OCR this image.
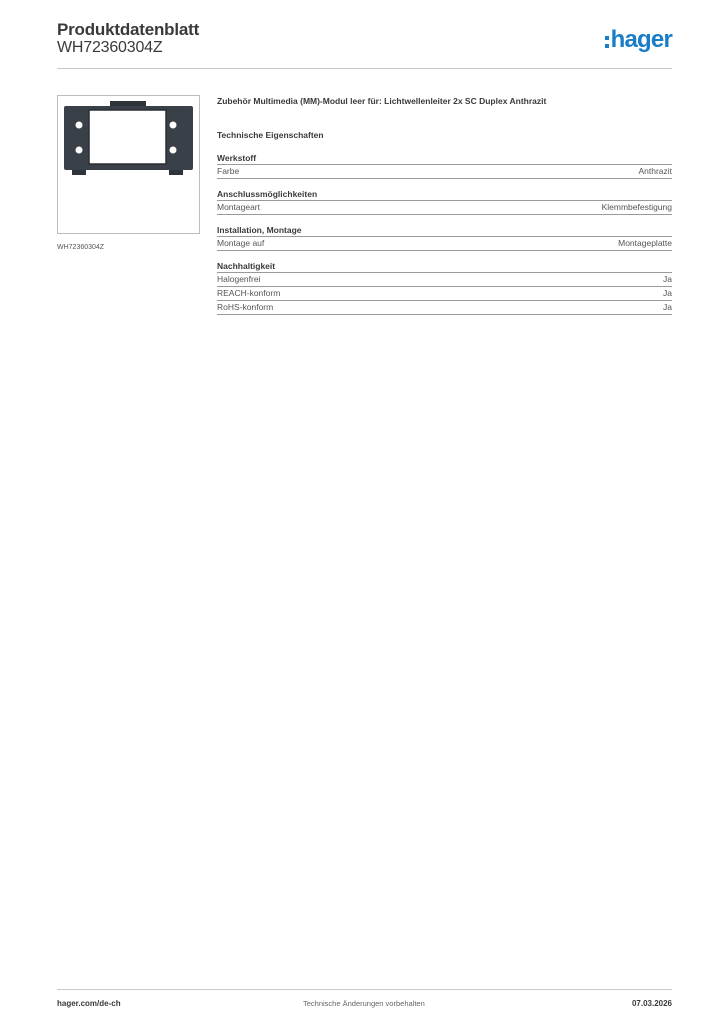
Produktdatenblatt
WH72360304Z	hager
WH72360304Z
Zubehör Multimedia (MM)-Modul leer für: Lichtwellenleiter 2x SC Duplex Anthrazit
Technische Eigenschaften
Werkstoff
Farbe	Anthrazit
Anschlussmöglichkeiten
Montageart	Klemmbefestigung
Installation, Montage
Montage auf	Montageplatte
Nachhaltigkeit
Halogenfrei	Ja
REACH-konform	Ja
RoHS-konform	Ja
hager.com/de-ch	Technische Änderungen vorbehalten	07.03.2026
